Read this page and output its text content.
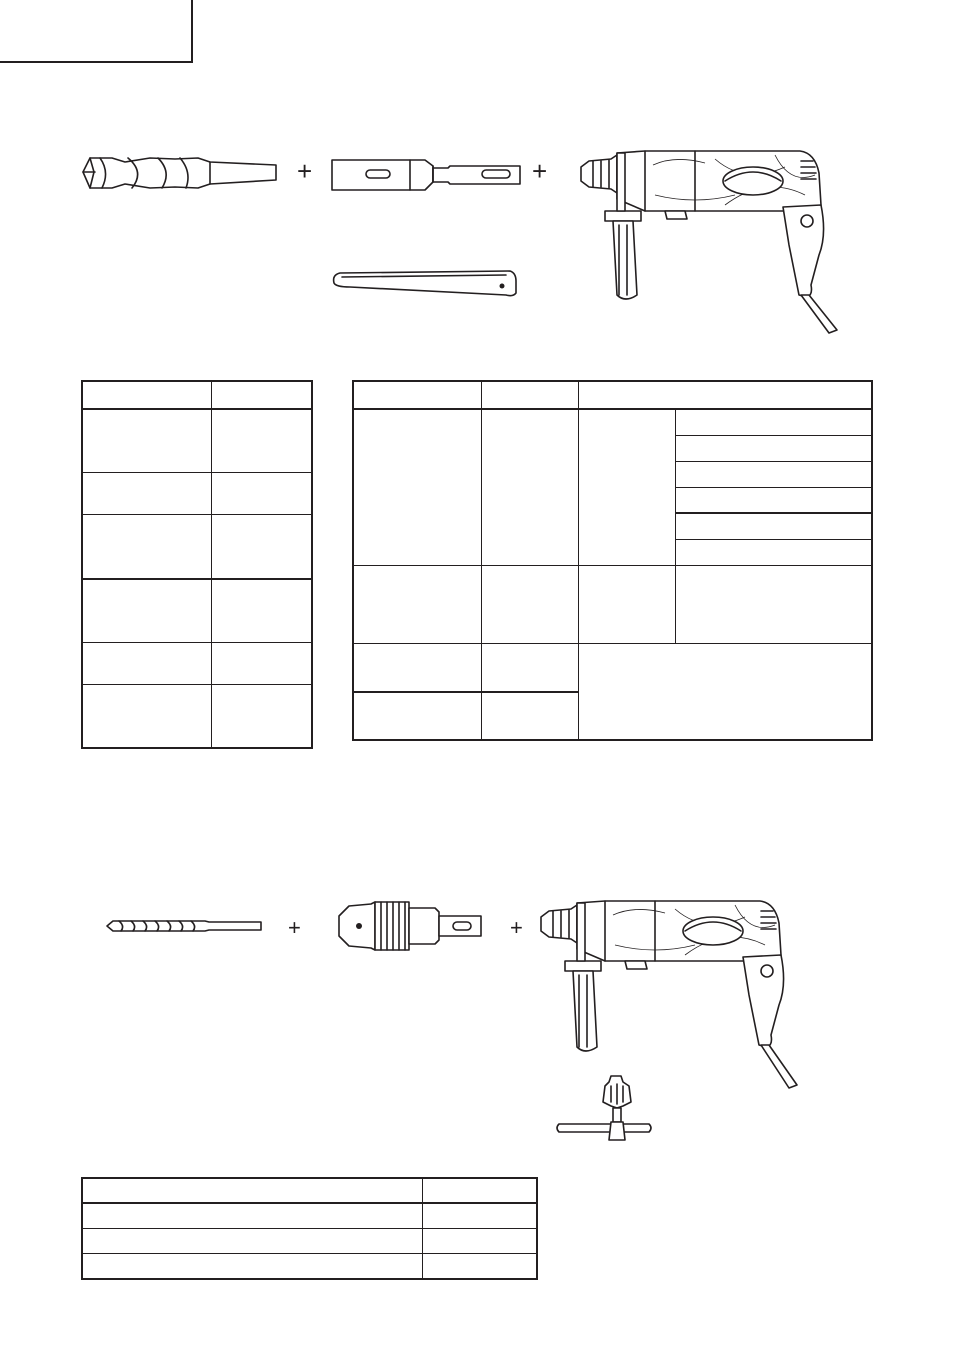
+	+

+	+
